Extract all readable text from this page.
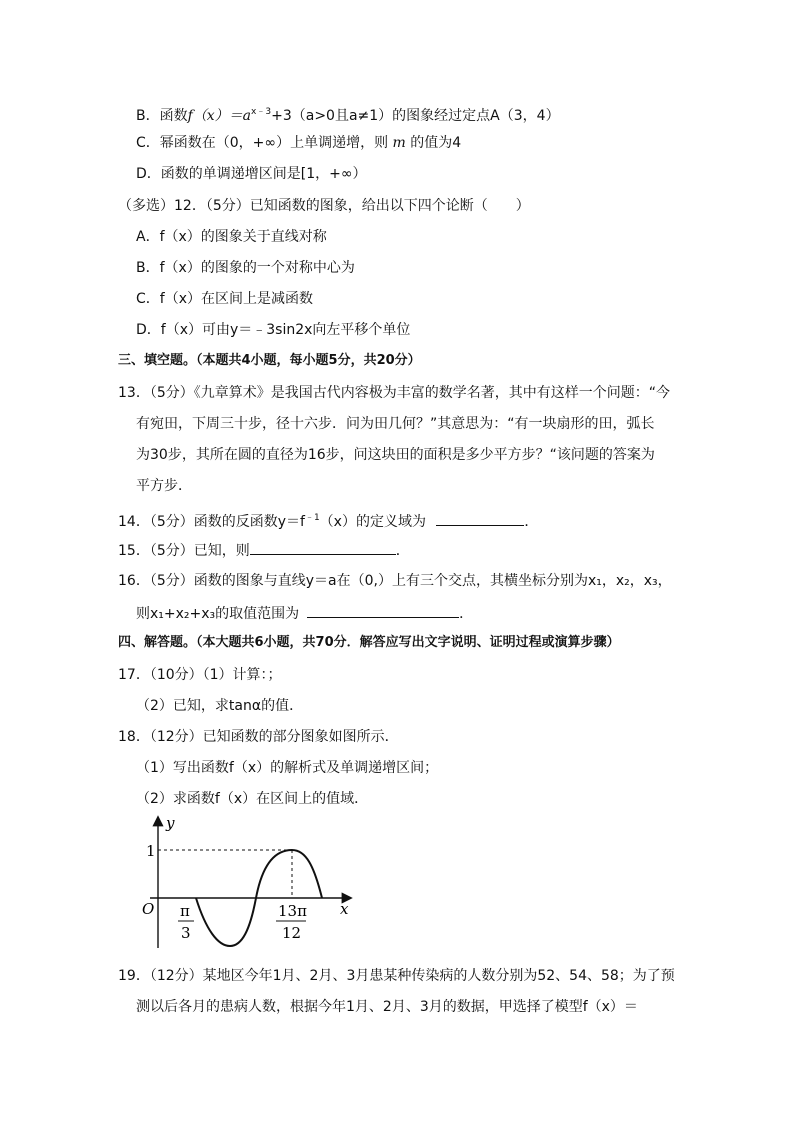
B．函数$f(x)=a^{x﹣3}+3(a>0$且a≠1）的图象经过定点A（3，4）
C．幂函数在（0，+∞）上单调递增，则 m 的值为4
D．函数的单调递增区间是[1，+∞）
（多选）12．（5分）已知函数的图象，给出以下四个论断（　　）
A．f（x）的图象关于直线对称
B．f（x）的图象的一个对称中心为
C．f（x）在区间上是减函数
D．f（x）可由y＝﹣3sin2x向左平移个单位
三、填空题。（本题共4小题，每小题5分，共20分）
13．（5分）《九章算术》是我国古代内容极为丰富的数学名著，其中有这样一个问题：“今
有宛田，下周三十步，径十六步．问为田几何？”其意思为：“有一块扇形的田，弧长
为30步，其所在圆的直径为16步，问这块田的面积是多少平方步？“该问题的答案为
平方步．
14．（5分）函数的反函数$y=f^{﹣1}(x)$的定义域为	．
15．（5分）已知，则	．
16．（5分）函数的图象与直线y＝a在（0,）上有三个交点，其横坐标分别为x₁，x₂，x₃，
则x₁+x₂+x₃的取值范围为	．
四、解答题。（本大题共6小题，共70分．解答应写出文字说明、证明过程或演算步骤）
17．（10分）（1）计算：；
（2）已知，求tanα的值．
18．（12分）已知函数的部分图象如图所示．
（1）写出函数f（x）的解析式及单调递增区间；
（2）求函数f（x）在区间上的值域．
y
x
O
1
π
3
13π
12
19．（12分）某地区今年1月、2月、3月患某种传染病的人数分别为52、54、58；为了预
测以后各月的患病人数，根据今年1月、2月、3月的数据，甲选择了模型f（x）＝
